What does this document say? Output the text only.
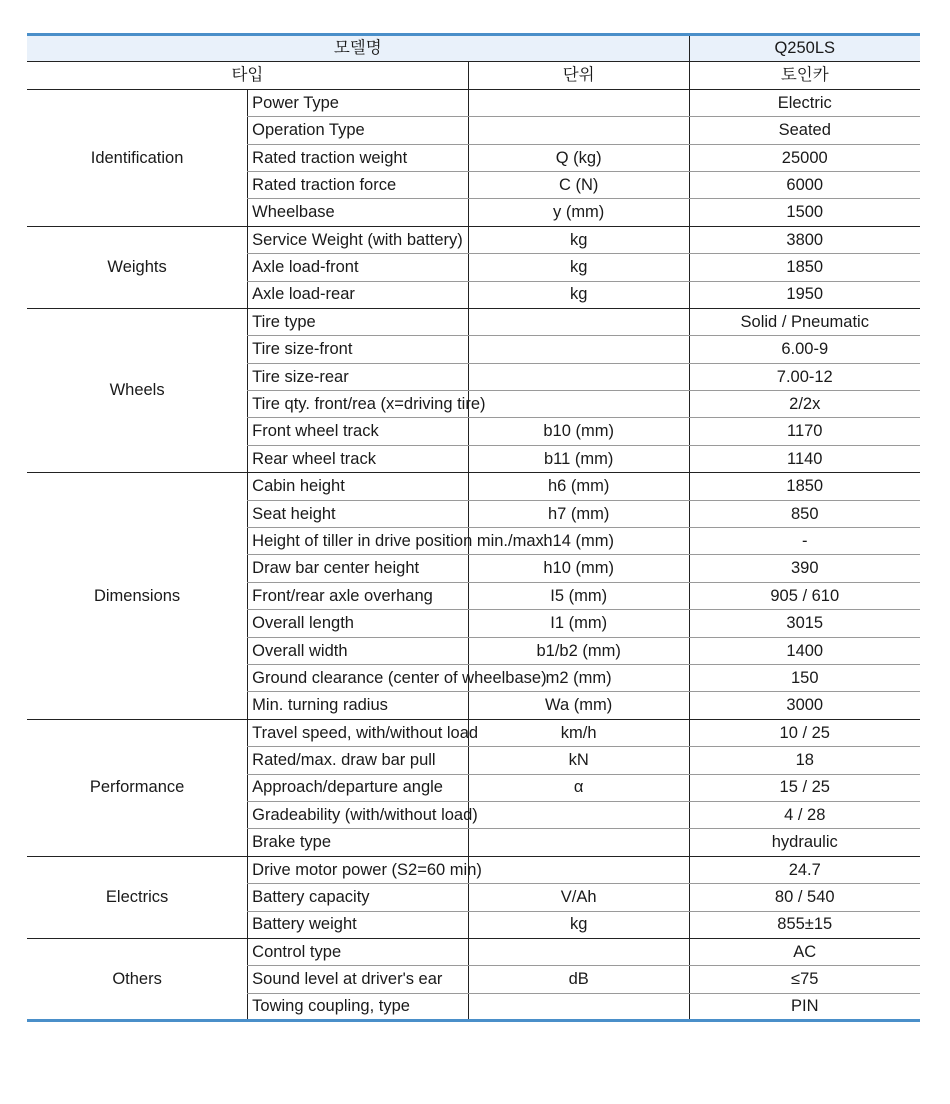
모델명			Q250LS
타입		단위	토인카
Identification	Power Type		Electric
	Operation Type		Seated
	Rated traction weight	Q (kg)	25000
	Rated traction force	C (N)	6000
	Wheelbase	y (mm)	1500
Weights	Service Weight (with battery)	kg	3800
	Axle load-front	kg	1850
	Axle load-rear	kg	1950
Wheels	Tire type		Solid / Pneumatic
	Tire size-front		6.00-9
	Tire size-rear		7.00-12
	Tire qty. front/rea (x=driving tire)		2/2x
	Front wheel track	b10 (mm)	1170
	Rear wheel track	b11 (mm)	1140
Dimensions	Cabin height	h6 (mm)	1850
	Seat height	h7 (mm)	850
	Height of tiller in drive position min./max.	h14 (mm)	-
	Draw bar center height	h10 (mm)	390
	Front/rear axle overhang	I5 (mm)	905 / 610
	Overall length	I1 (mm)	3015
	Overall width	b1/b2 (mm)	1400
	Ground clearance (center of wheelbase)	m2 (mm)	150
	Min. turning radius	Wa (mm)	3000
Performance	Travel speed, with/without load	km/h	10 / 25
	Rated/max. draw bar pull	kN	18
	Approach/departure angle	α	15 / 25
	Gradeability (with/without load)		4 / 28
	Brake type		hydraulic
Electrics	Drive motor power (S2=60 min)		24.7
	Battery capacity	V/Ah	80 / 540
	Battery weight	kg	855±15
Others	Control type		AC
	Sound level at driver's ear	dB	≤75
	Towing coupling, type		PIN
